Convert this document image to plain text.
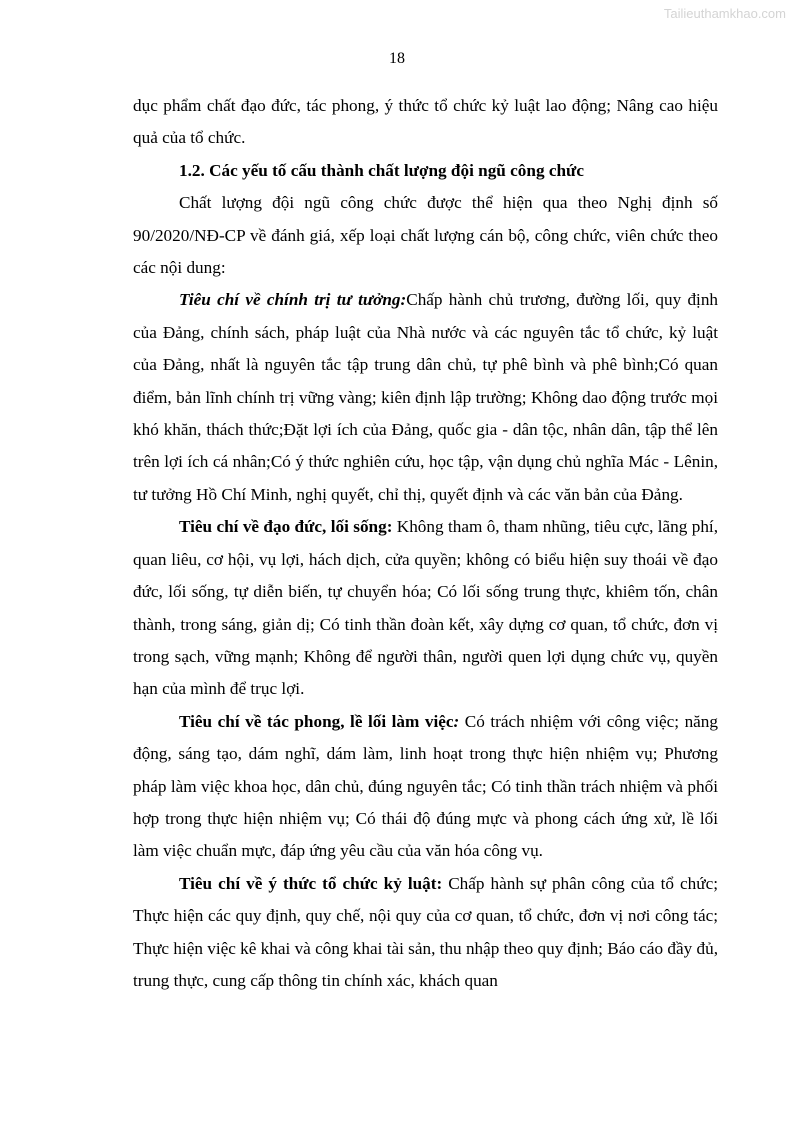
Tailieuthamkhao.com
18

dục phẩm chất đạo đức, tác phong, ý thức tổ chức kỷ luật lao động; Nâng cao hiệu quả của tổ chức.

1.2. Các yếu tố cấu thành chất lượng đội ngũ công chức

Chất lượng đội ngũ công chức được thể hiện qua theo Nghị định số 90/2020/NĐ-CP về đánh giá, xếp loại chất lượng cán bộ, công chức, viên chức theo các nội dung:

Tiêu chí về chính trị tư tưởng:Chấp hành chủ trương, đường lối, quy định của Đảng, chính sách, pháp luật của Nhà nước và các nguyên tắc tổ chức, kỷ luật của Đảng, nhất là nguyên tắc tập trung dân chủ, tự phê bình và phê bình;Có quan điểm, bản lĩnh chính trị vững vàng; kiên định lập trường; Không dao động trước mọi khó khăn, thách thức;Đặt lợi ích của Đảng, quốc gia - dân tộc, nhân dân, tập thể lên trên lợi ích cá nhân;Có ý thức nghiên cứu, học tập, vận dụng chủ nghĩa Mác - Lênin, tư tưởng Hồ Chí Minh, nghị quyết, chỉ thị, quyết định và các văn bản của Đảng.

Tiêu chí về đạo đức, lối sống: Không tham ô, tham nhũng, tiêu cực, lãng phí, quan liêu, cơ hội, vụ lợi, hách dịch, cửa quyền; không có biểu hiện suy thoái về đạo đức, lối sống, tự diễn biến, tự chuyển hóa; Có lối sống trung thực, khiêm tốn, chân thành, trong sáng, giản dị; Có tinh thần đoàn kết, xây dựng cơ quan, tổ chức, đơn vị trong sạch, vững mạnh; Không để người thân, người quen lợi dụng chức vụ, quyền hạn của mình để trục lợi.

Tiêu chí về tác phong, lề lối làm việc: Có trách nhiệm với công việc; năng động, sáng tạo, dám nghĩ, dám làm, linh hoạt trong thực hiện nhiệm vụ; Phương pháp làm việc khoa học, dân chủ, đúng nguyên tắc; Có tinh thần trách nhiệm và phối hợp trong thực hiện nhiệm vụ; Có thái độ đúng mực và phong cách ứng xử, lề lối làm việc chuẩn mực, đáp ứng yêu cầu của văn hóa công vụ.

Tiêu chí về ý thức tổ chức kỷ luật: Chấp hành sự phân công của tổ chức; Thực hiện các quy định, quy chế, nội quy của cơ quan, tổ chức, đơn vị nơi công tác; Thực hiện việc kê khai và công khai tài sản, thu nhập theo quy định; Báo cáo đầy đủ, trung thực, cung cấp thông tin chính xác, khách quan
